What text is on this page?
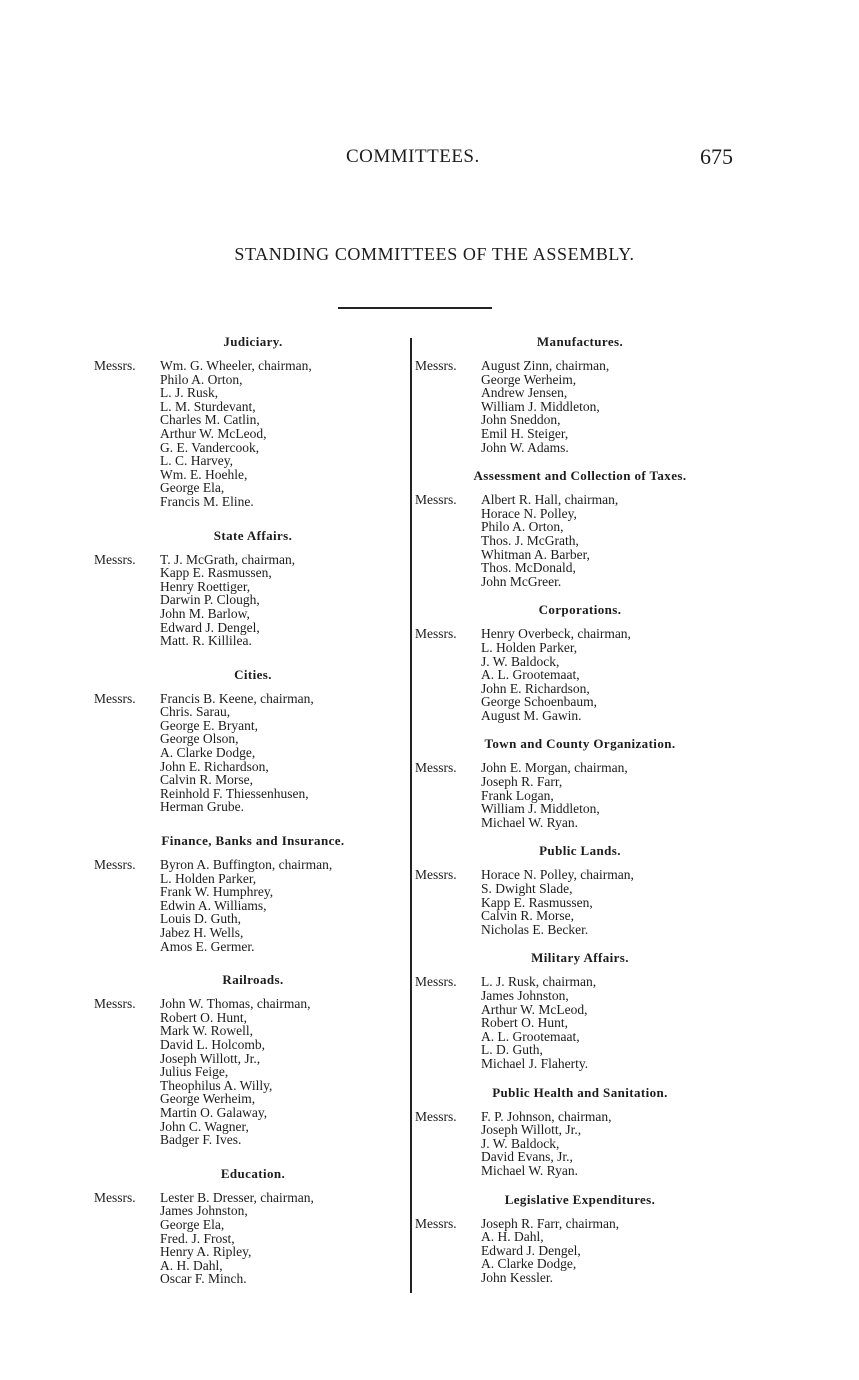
COMMITTEES.	675
STANDING COMMITTEES OF THE ASSEMBLY.
Judiciary.
Messrs.	Wm. G. Wheeler, chairman,
Philo A. Orton,
L. J. Rusk,
L. M. Sturdevant,
Charles M. Catlin,
Arthur W. McLeod,
G. E. Vandercook,
L. C. Harvey,
Wm. E. Hoehle,
George Ela,
Francis M. Eline.
State Affairs.
Messrs.	T. J. McGrath, chairman,
Kapp E. Rasmussen,
Henry Roettiger,
Darwin P. Clough,
John M. Barlow,
Edward J. Dengel,
Matt. R. Killilea.
Cities.
Messrs.	Francis B. Keene, chairman,
Chris. Sarau,
George E. Bryant,
George Olson,
A. Clarke Dodge,
John E. Richardson,
Calvin R. Morse,
Reinhold F. Thiessenhusen,
Herman Grube.
Finance, Banks and Insurance.
Messrs.	Byron A. Buffington, chairman,
L. Holden Parker,
Frank W. Humphrey,
Edwin A. Williams,
Louis D. Guth,
Jabez H. Wells,
Amos E. Germer.
Railroads.
Messrs.	John W. Thomas, chairman,
Robert O. Hunt,
Mark W. Rowell,
David L. Holcomb,
Joseph Willott, Jr.,
Julius Feige,
Theophilus A. Willy,
George Werheim,
Martin O. Galaway,
John C. Wagner,
Badger F. Ives.
Education.
Messrs.	Lester B. Dresser, chairman,
James Johnston,
George Ela,
Fred. J. Frost,
Henry A. Ripley,
A. H. Dahl,
Oscar F. Minch.
Manufactures.
Messrs.	August Zinn, chairman,
George Werheim,
Andrew Jensen,
William J. Middleton,
John Sneddon,
Emil H. Steiger,
John W. Adams.
Assessment and Collection of Taxes.
Messrs.	Albert R. Hall, chairman,
Horace N. Polley,
Philo A. Orton,
Thos. J. McGrath,
Whitman A. Barber,
Thos. McDonald,
John McGreer.
Corporations.
Messrs.	Henry Overbeck, chairman,
L. Holden Parker,
J. W. Baldock,
A. L. Grootemaat,
John E. Richardson,
George Schoenbaum,
August M. Gawin.
Town and County Organization.
Messrs.	John E. Morgan, chairman,
Joseph R. Farr,
Frank Logan,
William J. Middleton,
Michael W. Ryan.
Public Lands.
Messrs.	Horace N. Polley, chairman,
S. Dwight Slade,
Kapp E. Rasmussen,
Calvin R. Morse,
Nicholas E. Becker.
Military Affairs.
Messrs.	L. J. Rusk, chairman,
James Johnston,
Arthur W. McLeod,
Robert O. Hunt,
A. L. Grootemaat,
L. D. Guth,
Michael J. Flaherty.
Public Health and Sanitation.
Messrs.	F. P. Johnson, chairman,
Joseph Willott, Jr.,
J. W. Baldock,
David Evans, Jr.,
Michael W. Ryan.
Legislative Expenditures.
Messrs.	Joseph R. Farr, chairman,
A. H. Dahl,
Edward J. Dengel,
A. Clarke Dodge,
John Kessler.
